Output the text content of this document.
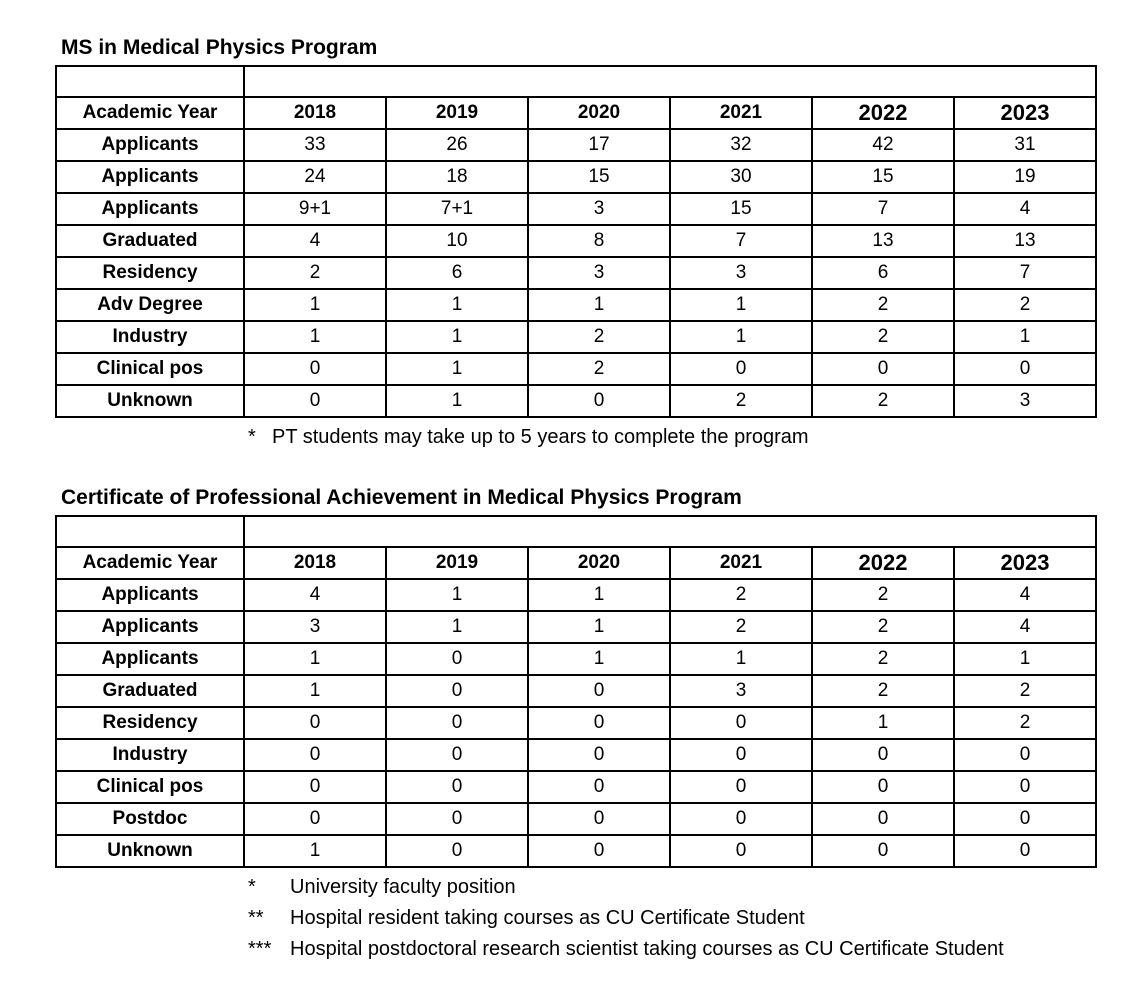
MS in Medical Physics Program

Academic Year	2018	2019	2020	2021	2022	2023
Applicants	33	26	17	32	42	31
Applicants	24	18	15	30	15	19
Applicants	9+1	7+1	3	15	7	4
Graduated	4	10	8	7	13	13
Residency	2	6	3	3	6	7
Adv Degree	1	1	1	1	2	2
Industry	1	1	2	1	2	1
Clinical pos	0	1	2	0	0	0
Unknown	0	1	0	2	2	3
* PT students may take up to 5 years to complete the program
Certificate of Professional Achievement in Medical Physics Program

Academic Year	2018	2019	2020	2021	2022	2023
Applicants	4	1	1	2	2	4
Applicants	3	1	1	2	2	4
Applicants	1	0	1	1	2	1
Graduated	1	0	0	3	2	2
Residency	0	0	0	0	1	2
Industry	0	0	0	0	0	0
Clinical pos	0	0	0	0	0	0
Postdoc	0	0	0	0	0	0
Unknown	1	0	0	0	0	0
*	University faculty position
**	Hospital resident taking courses as CU Certificate Student
*** Hospital postdoctoral research scientist taking courses as CU Certificate Student
